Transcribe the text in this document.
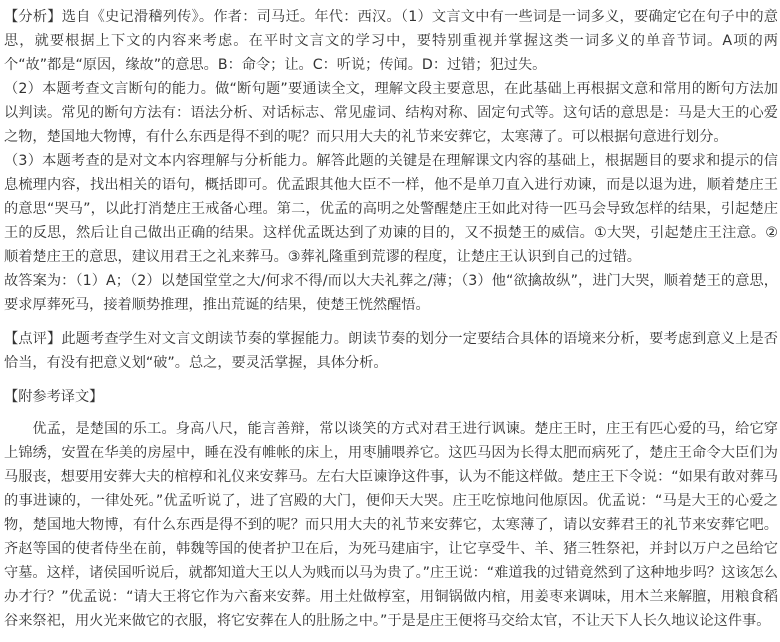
【分析】选自《史记滑稽列传》。作者：司马迁。年代：西汉。（1）文言文中有一些词是一词多义，要确定它在句子中的意思，就要根据上下文的内容来考虑。在平时文言文的学习中，要特别重视并掌握这类一词多义的单音节词。A项的两个“故”都是“原因，缘故”的意思。B：命令；让。C：听说；传闻。D：过错；犯过失。

（2）本题考查文言断句的能力。做“断句题”要通读全文，理解文段主要意思，在此基础上再根据文意和常用的断句方法加以判读。常见的断句方法有：语法分析、对话标志、常见虚词、结构对称、固定句式等。这句话的意思是：马是大王的心爱之物，楚国地大物博，有什么东西是得不到的呢？而只用大夫的礼节来安葬它，太寒薄了。可以根据句意进行划分。

（3）本题考查的是对文本内容理解与分析能力。解答此题的关键是在理解课文内容的基础上，根据题目的要求和提示的信息梳理内容，找出相关的语句，概括即可。优孟跟其他大臣不一样，他不是单刀直入进行劝谏，而是以退为进，顺着楚庄王的意思“哭马”，以此打消楚庄王戒备心理。第二，优孟的高明之处警醒楚庄王如此对待一匹马会导致怎样的结果，引起楚庄王的反思，然后让自己做出正确的结果。这样优孟既达到了劝谏的目的，又不损楚王的威信。①大哭，引起楚庄王注意。②顺着楚庄王的意思，建议用君王之礼来葬马。③葬礼隆重到荒谬的程度，让楚庄王认识到自己的过错。

故答案为：（1）A；（2）以楚国堂堂之大/何求不得/而以大夫礼葬之/薄；（3）他“欲擒故纵”，进门大哭，顺着楚王的意思，要求厚葬死马，接着顺势推理，推出荒诞的结果，使楚王恍然醒悟。

【点评】此题考查学生对文言文朗读节奏的掌握能力。朗读节奏的划分一定要结合具体的语境来分析，要考虑到意义上是否恰当，有没有把意义划“破”。总之，要灵活掌握，具体分析。

【附参考译文】

优孟，是楚国的乐工。身高八尺，能言善辩，常以谈笑的方式对君王进行讽谏。楚庄王时，庄王有匹心爱的马，给它穿上锦绣，安置在华美的房屋中，睡在没有帷帐的床上，用枣脯喂养它。这匹马因为长得太肥而病死了，楚庄王命令大臣们为马服丧，想要用安葬大夫的棺椁和礼仪来安葬马。左右大臣谏诤这件事，认为不能这样做。楚庄王下令说：“如果有敢对葬马的事进谏的，一律处死。”优孟听说了，进了宫殿的大门，便仰天大哭。庄王吃惊地问他原因。优孟说：“马是大王的心爱之物，楚国地大物博，有什么东西是得不到的呢？而只用大夫的礼节来安葬它，太寒薄了，请以安葬君王的礼节来安葬它吧。齐赵等国的使者侍坐在前，韩魏等国的使者护卫在后，为死马建庙宇，让它享受牛、羊、猪三牲祭祀，并封以万户之邑给它守墓。这样，诸侯国听说后，就都知道大王以人为贱而以马为贵了。”庄王说：“难道我的过错竟然到了这种地步吗？这该怎么办才行？”优孟说：“请大王将它作为六畜来安葬。用土灶做椁室，用铜锅做内棺，用姜枣来调味，用木兰来解膻，用粮食稻谷来祭祀，用火光来做它的衣服，将它安葬在人的肚肠之中。”于是是庄王便将马交给太官，不让天下人长久地议论这件事。
